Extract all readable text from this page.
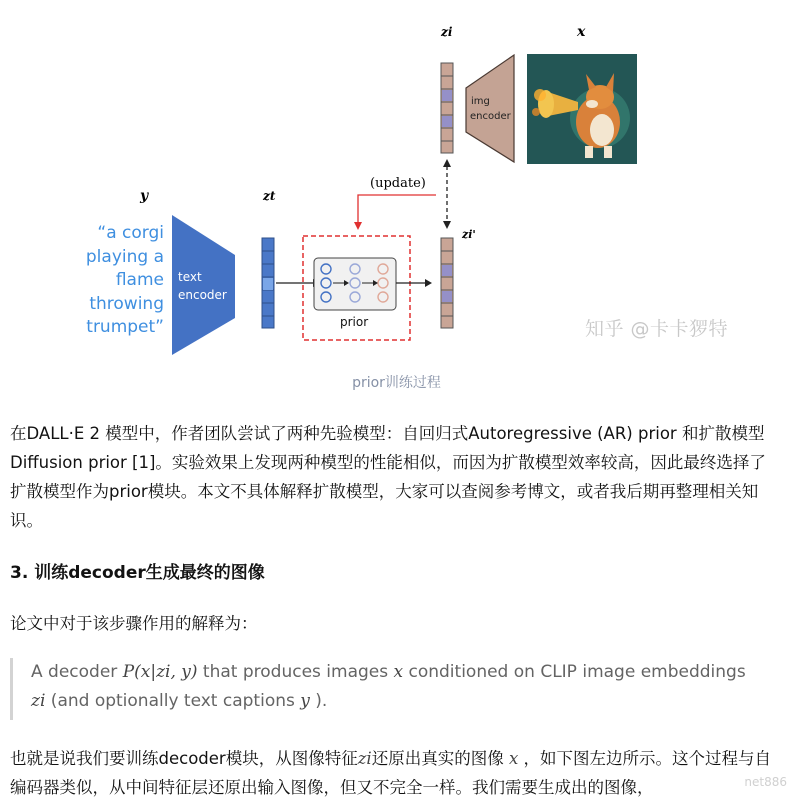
y	zt
zi	x
zi'
text
encoder
prior
(update)
img
encoder
“a corgi
playing a
flame
throwing
trumpet”	知乎 @卡卡猡特
prior训练过程
在DALL·E 2 模型中，作者团队尝试了两种先验模型：自回归式Autoregressive (AR) prior 和扩散模型Diffusion prior [1]。实验效果上发现两种模型的性能相似，而因为扩散模型效率较高，因此最终选择了扩散模型作为prior模块。本文不具体解释扩散模型，大家可以查阅参考博文，或者我后期再整理相关知识。
3. 训练decoder生成最终的图像
论文中对于该步骤作用的解释为：
A decoder P(x|zi, y) that produces images x conditioned on CLIP image embeddings
zi (and optionally text captions y ).
也就是说我们要训练decoder模块，从图像特征zi还原出真实的图像 x ，如下图左边所示。这个过程与自编码器类似，从中间特征层还原出输入图像，但又不完全一样。我们需要生成出的图像，	net886
